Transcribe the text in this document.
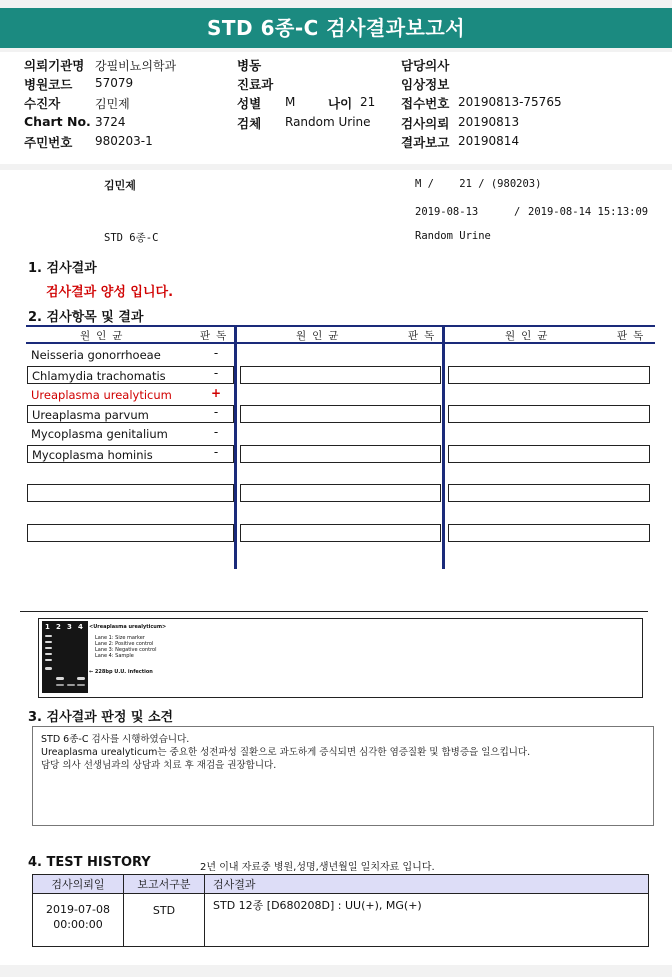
STD 6종-C 검사결과보고서
의뢰기관명 강필비뇨의학과
병원코드 57079
수진자	김민제
Chart No. 3724
주민번호 980203-1
병동
진료과
성별 M	나이 21
검체 Random Urine
담당의사
임상정보
접수번호 20190813-75765
검사의뢰 20190813
결과보고 20190814
김민제	M /    21 / (980203)
2019-08-13	/ 2019-08-14 15:13:09
STD 6종-C	Random Urine
1. 검사결과
검사결과 양성 입니다.
2. 검사항목 및 결과
원인균	판독	원인균	판독	원인균	판독
Neisseria gonorrhoeae	-
Chlamydia trachomatis	-
Ureaplasma urealyticum	+
Ureaplasma parvum	-
Mycoplasma genitalium	-
Mycoplasma hominis	-
1 2 3 4 <Ureaplasma urealyticum>
Lane 1: Size marker
Lane 2: Positive control
Lane 3: Negative control
Lane 4: Sample
← 228bp U.U. infection
3. 검사결과 판정 및 소견
STD 6종-C 검사를 시행하였습니다.
Ureaplasma urealyticum는 중요한 성전파성 질환으로 과도하게 증식되면 심각한 염증질환 및 합병증을 일으킵니다.
담당 의사 선생님과의 상담과 치료 후 재검을 권장합니다.
4. TEST HISTORY	2년 이내 자료중 병원,성명,생년월일 일치자료 입니다.
검사의뢰일	보고서구분	검사결과

2019-07-08
00:00:00	STD	STD 12종 [D680208D] : UU(+), MG(+)
